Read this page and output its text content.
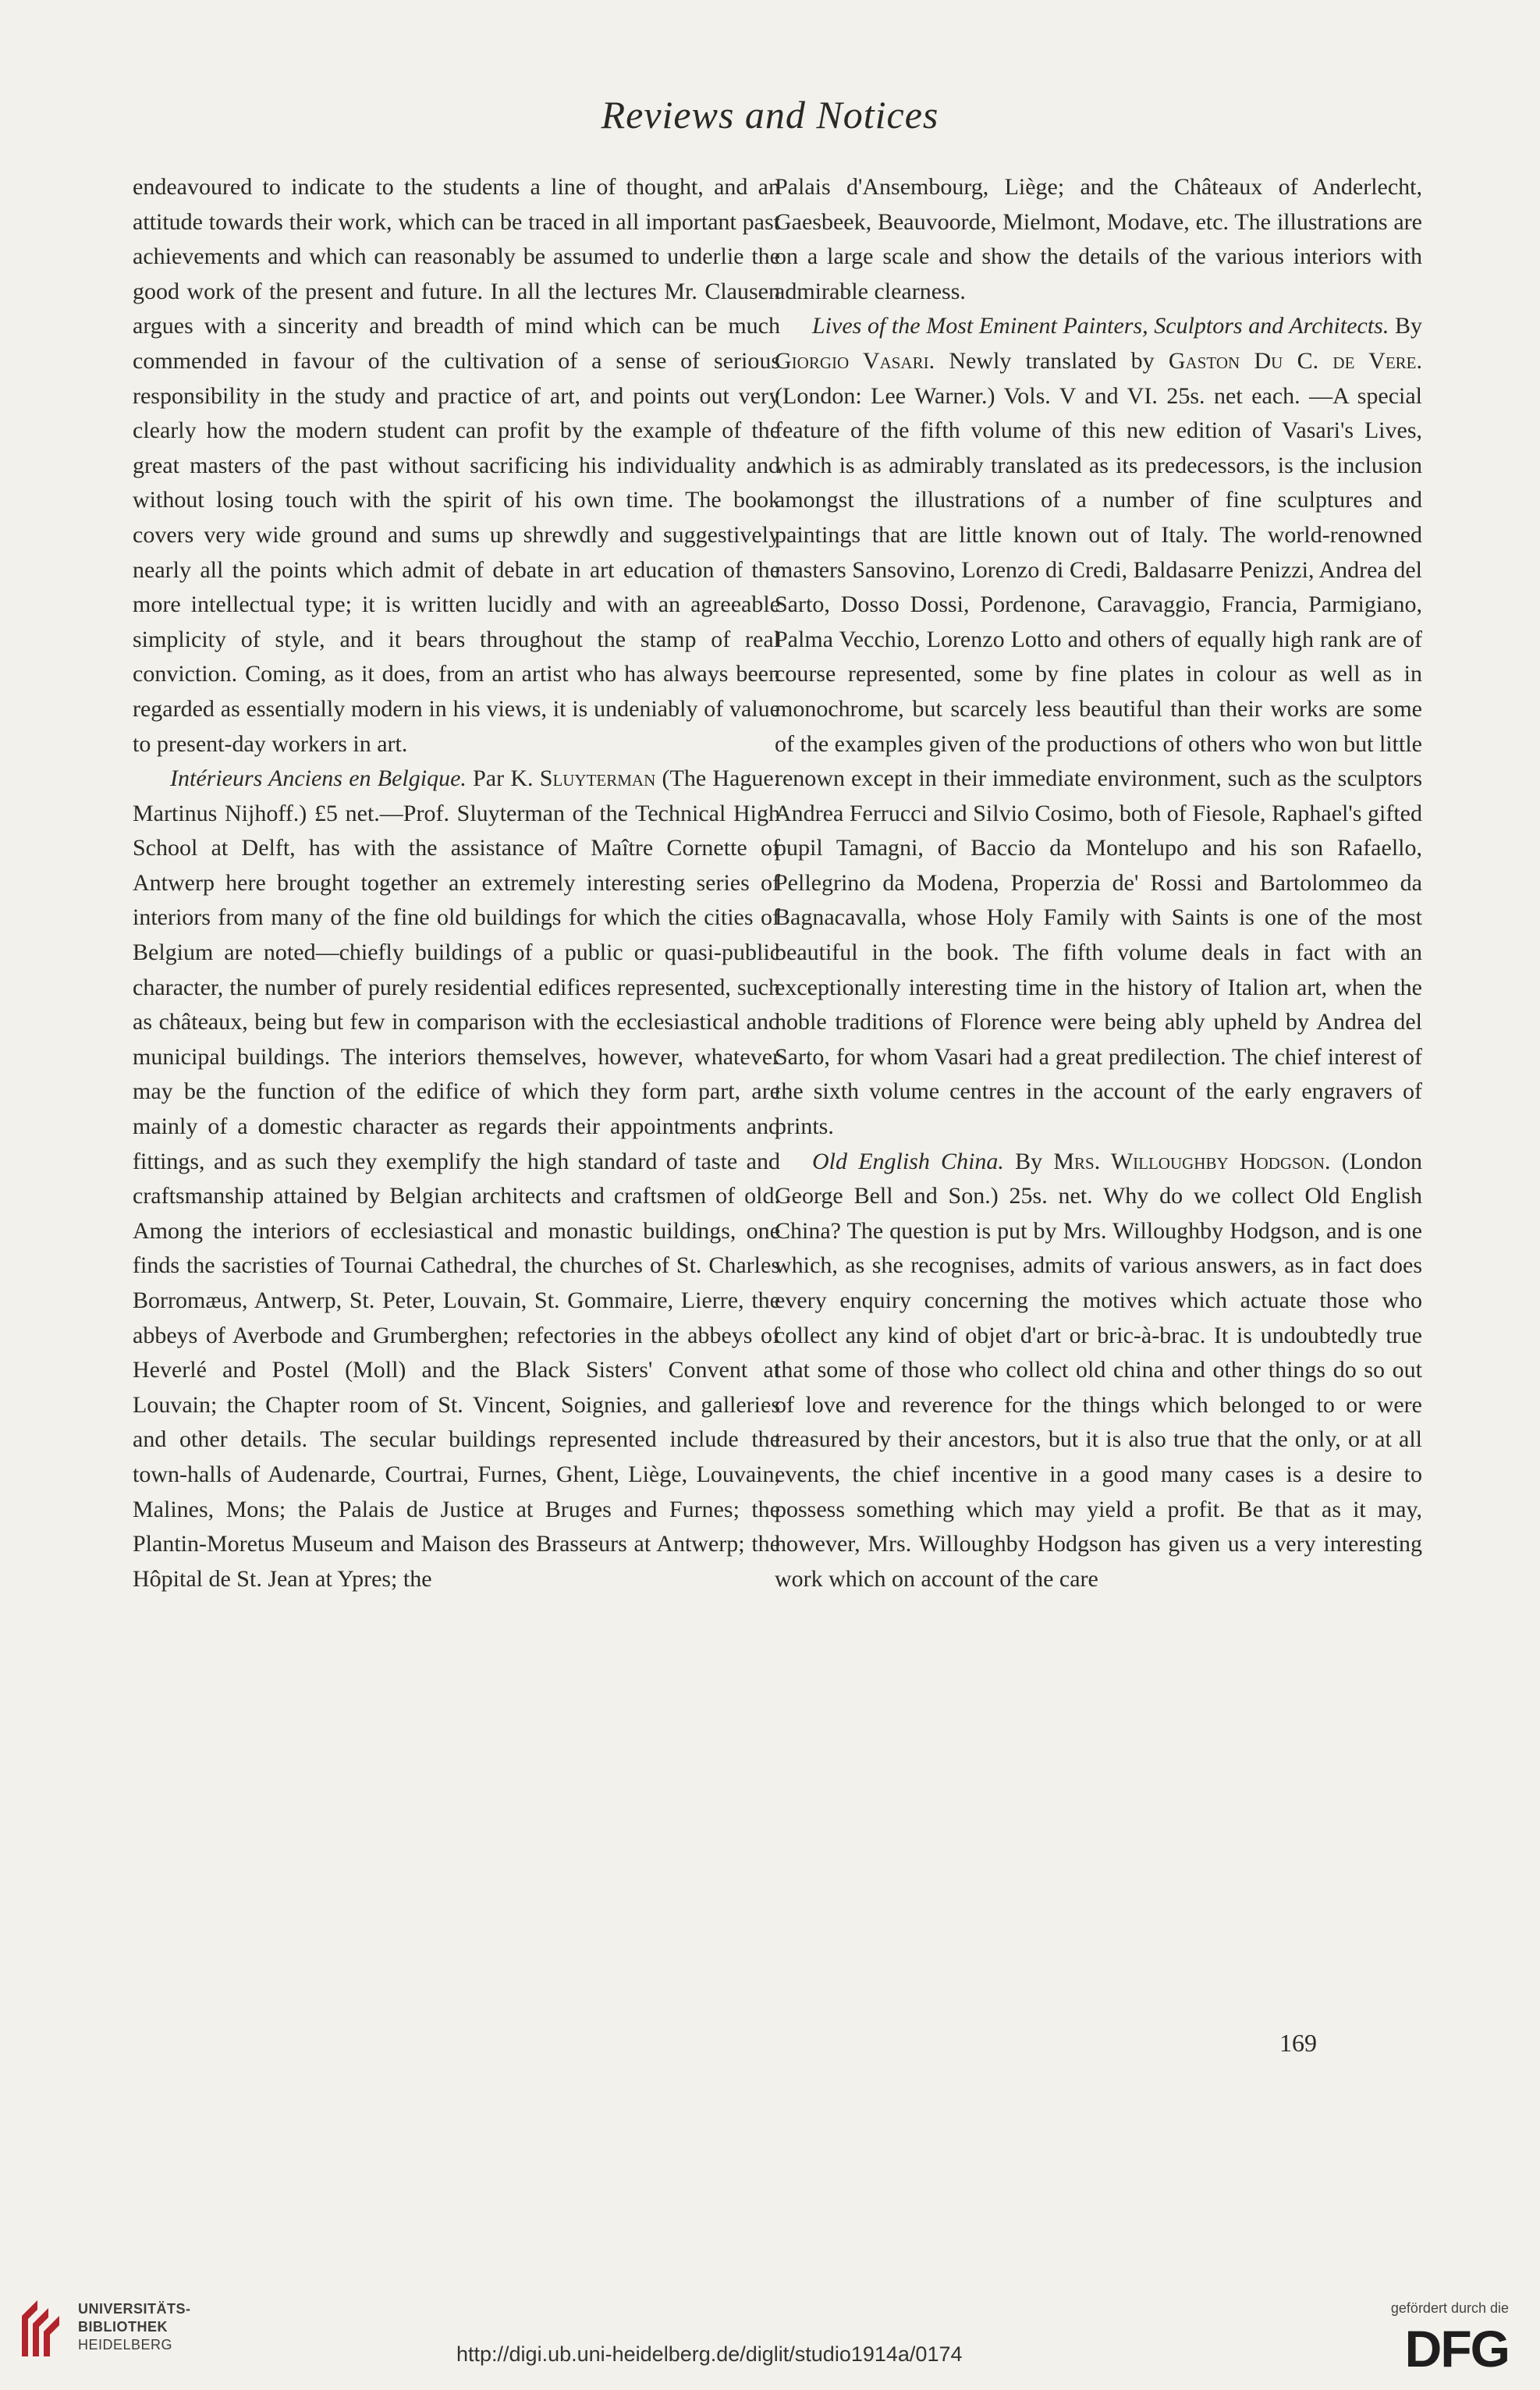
Reviews and Notices

endeavoured to indicate to the students a line of thought, and an attitude towards their work, which can be traced in all important past achievements and which can reasonably be assumed to underlie the good work of the present and future. In all the lectures Mr. Clausen argues with a sincerity and breadth of mind which can be much commended in favour of the cultivation of a sense of serious responsibility in the study and practice of art, and points out very clearly how the modern student can profit by the example of the great masters of the past without sacrificing his individuality and without losing touch with the spirit of his own time. The book covers very wide ground and sums up shrewdly and suggestively nearly all the points which admit of debate in art education of the more intellectual type; it is written lucidly and with an agreeable simplicity of style, and it bears throughout the stamp of real conviction. Coming, as it does, from an artist who has always been regarded as essentially modern in his views, it is undeniably of value to present-day workers in art.

Intérieurs Anciens en Belgique. Par K. Sluyterman (The Hague: Martinus Nijhoff.) £5 net.—Prof. Sluyterman of the Technical High School at Delft, has with the assistance of Maître Cornette of Antwerp here brought together an extremely interesting series of interiors from many of the fine old buildings for which the cities of Belgium are noted—chiefly buildings of a public or quasi-public character, the number of purely residential edifices represented, such as châteaux, being but few in comparison with the ecclesiastical and municipal buildings. The interiors themselves, however, whatever may be the function of the edifice of which they form part, are mainly of a domestic character as regards their appointments and fittings, and as such they exemplify the high standard of taste and craftsmanship attained by Belgian architects and craftsmen of old. Among the interiors of ecclesiastical and monastic buildings, one finds the sacristies of Tournai Cathedral, the churches of St. Charles Borromæus, Antwerp, St. Peter, Louvain, St. Gommaire, Lierre, the abbeys of Averbode and Grumberghen; refectories in the abbeys of Heverlé and Postel (Moll) and the Black Sisters' Convent at Louvain; the Chapter room of St. Vincent, Soignies, and galleries and other details. The secular buildings represented include the town-halls of Audenarde, Courtrai, Furnes, Ghent, Liège, Louvain, Malines, Mons; the Palais de Justice at Bruges and Furnes; the Plantin-Moretus Museum and Maison des Brasseurs at Antwerp; the Hôpital de St. Jean at Ypres; the

Palais d'Ansembourg, Liège; and the Châteaux of Anderlecht, Gaesbeek, Beauvoorde, Mielmont, Modave, etc. The illustrations are on a large scale and show the details of the various interiors with admirable clearness.

Lives of the Most Eminent Painters, Sculptors and Architects. By Giorgio Vasari. Newly translated by Gaston Du C. de Vere. (London: Lee Warner.) Vols. V and VI. 25s. net each. —A special feature of the fifth volume of this new edition of Vasari's Lives, which is as admirably translated as its predecessors, is the inclusion amongst the illustrations of a number of fine sculptures and paintings that are little known out of Italy. The world-renowned masters Sansovino, Lorenzo di Credi, Baldasarre Penizzi, Andrea del Sarto, Dosso Dossi, Pordenone, Caravaggio, Francia, Parmigiano, Palma Vecchio, Lorenzo Lotto and others of equally high rank are of course represented, some by fine plates in colour as well as in monochrome, but scarcely less beautiful than their works are some of the examples given of the productions of others who won but little renown except in their immediate environment, such as the sculptors Andrea Ferrucci and Silvio Cosimo, both of Fiesole, Raphael's gifted pupil Tamagni, of Baccio da Montelupo and his son Rafaello, Pellegrino da Modena, Properzia de' Rossi and Bartolommeo da Bagnacavalla, whose Holy Family with Saints is one of the most beautiful in the book. The fifth volume deals in fact with an exceptionally interesting time in the history of Italion art, when the noble traditions of Florence were being ably upheld by Andrea del Sarto, for whom Vasari had a great predilection. The chief interest of the sixth volume centres in the account of the early engravers of prints.

Old English China. By Mrs. Willoughby Hodgson. (London George Bell and Son.) 25s. net. Why do we collect Old English China? The question is put by Mrs. Willoughby Hodgson, and is one which, as she recognises, admits of various answers, as in fact does every enquiry concerning the motives which actuate those who collect any kind of objet d'art or bric-à-brac. It is undoubtedly true that some of those who collect old china and other things do so out of love and reverence for the things which belonged to or were treasured by their ancestors, but it is also true that the only, or at all events, the chief incentive in a good many cases is a desire to possess something which may yield a profit. Be that as it may, however, Mrs. Willoughby Hodgson has given us a very interesting work which on account of the care

169
UNIVERSITÄTS-
BIBLIOTHEK
HEIDELBERG	http://digi.ub.uni-heidelberg.de/diglit/studio1914a/0174
gefördert durch die
DFG
